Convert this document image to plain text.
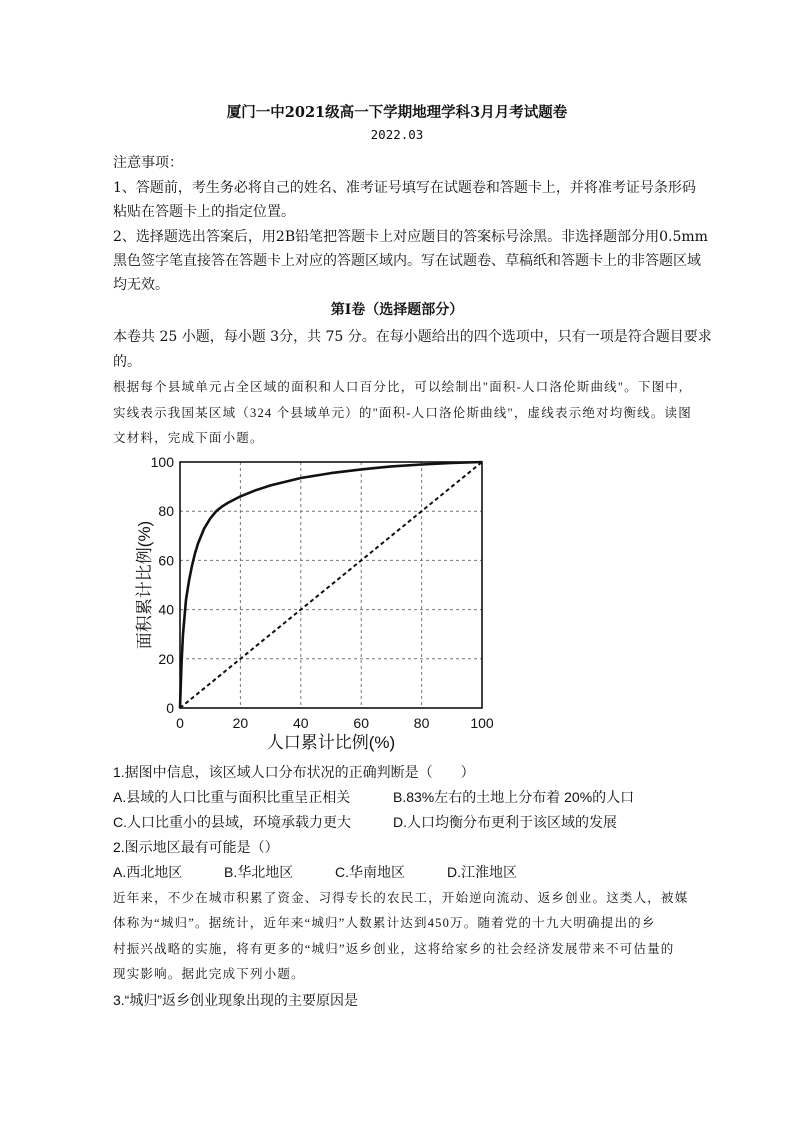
厦门一中2021级高一下学期地理学科3月月考试题卷
2022.03
注意事项：
1、答题前，考生务必将自己的姓名、准考证号填写在试题卷和答题卡上，并将准考证号条形码
粘贴在答题卡上的指定位置。
2、选择题选出答案后，用2B铅笔把答题卡上对应题目的答案标号涂黑。非选择题部分用0.5mm
黑色签字笔直接答在答题卡上对应的答题区域内。写在试题卷、草稿纸和答题卡上的非答题区域
均无效。
第Ⅰ卷（选择题部分）
本卷共 25 小题，每小题 3分，共 75 分。在每小题给出的四个选项中，只有一项是符合题目要求
的。
根据每个县域单元占全区域的面积和人口百分比，可以绘制出"面积-人口洛伦斯曲线"。下图中,
实线表示我国某区域（324 个县域单元）的"面积-人口洛伦斯曲线"，虚线表示绝对均衡线。读图
文材料，完成下面小题。
0
20
40
60
80
100
0	20	40	60	80	100
人口累计比例(%)
面积累计比例(%)
1.据图中信息，该区域人口分布状况的正确判断是（　　）
A.县域的人口比重与面积比重呈正相关	B.83%左右的土地上分布着 20%的人口
C.人口比重小的县域，环境承载力更大	D.人口均衡分布更利于该区域的发展
2.图示地区最有可能是（）
A.西北地区	B.华北地区	C.华南地区	D.江淮地区
近年来，不少在城市积累了资金、习得专长的农民工，开始逆向流动、返乡创业。这类人，被媒
体称为“城归”。据统计，近年来“城归”人数累计达到450万。随着党的十九大明确提出的乡
村振兴战略的实施，将有更多的“城归”返乡创业，这将给家乡的社会经济发展带来不可估量的
现实影响。据此完成下列小题。
3.“城归”返乡创业现象出现的主要原因是
